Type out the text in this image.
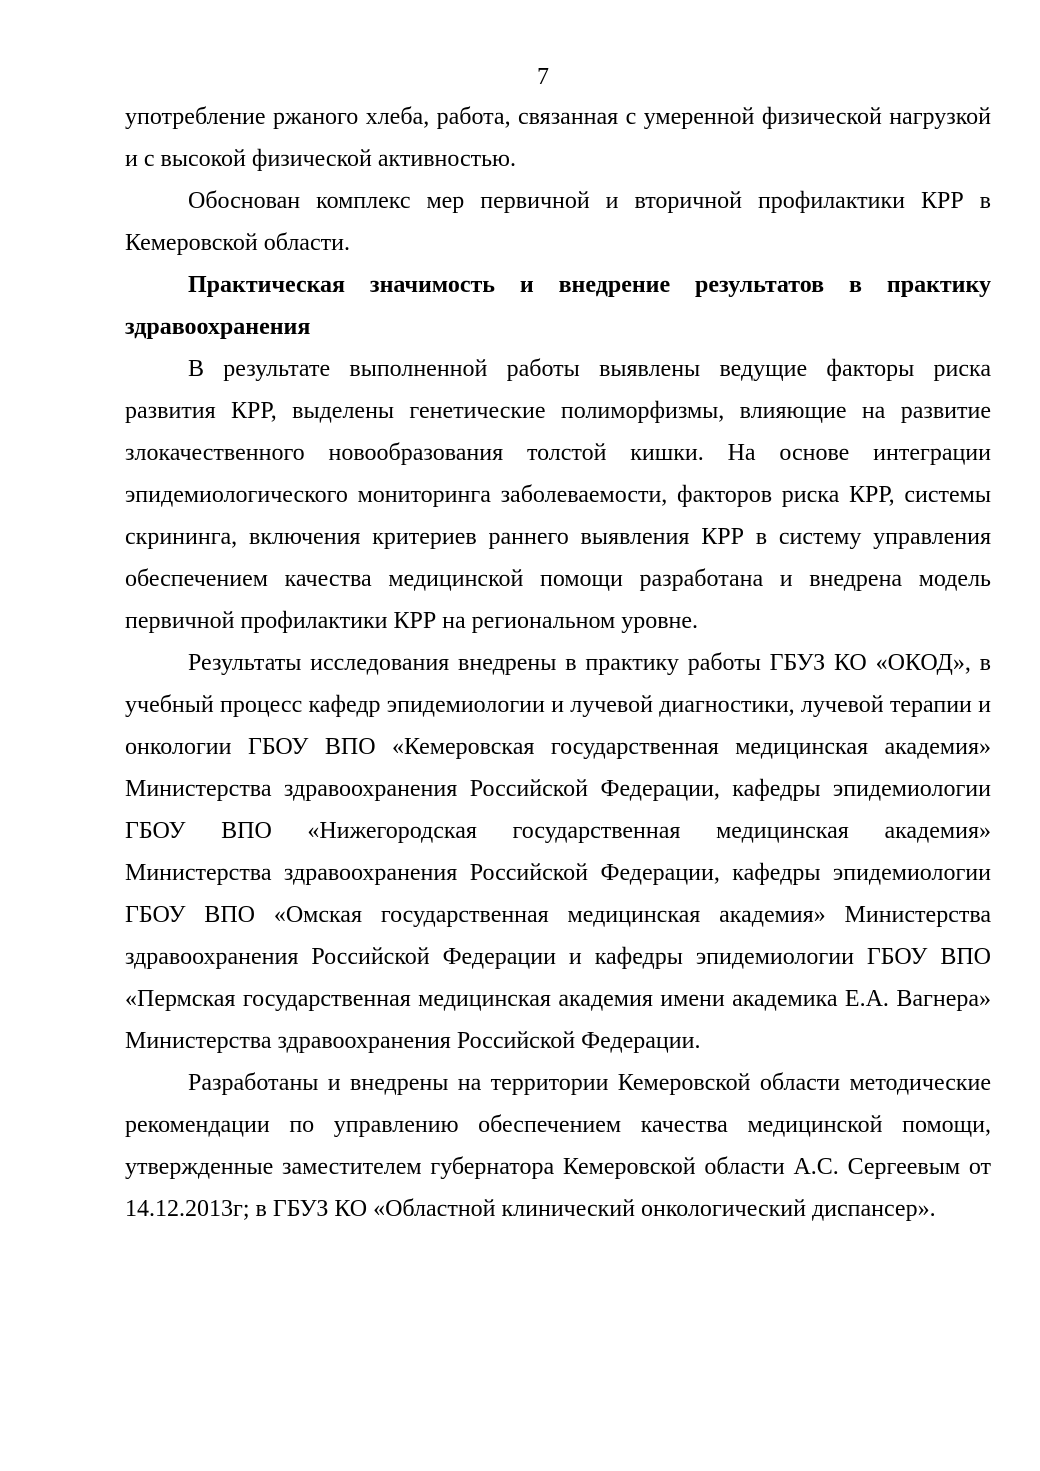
7

употребление ржаного хлеба, работа, связанная с умеренной физической нагрузкой и с высокой физической активностью.

Обоснован комплекс мер первичной и вторичной профилактики КРР в Кемеровской области.

Практическая значимость и внедрение результатов в практику здравоохранения

В результате выполненной работы выявлены ведущие факторы риска развития КРР, выделены генетические полиморфизмы, влияющие на развитие злокачественного новообразования толстой кишки. На основе интеграции эпидемиологического мониторинга заболеваемости, факторов риска КРР, системы скрининга, включения критериев раннего выявления КРР в систему управления обеспечением качества медицинской помощи разработана и внедрена модель первичной профилактики КРР на региональном уровне.

Результаты исследования внедрены в практику работы ГБУЗ КО «ОКОД», в учебный процесс кафедр эпидемиологии и лучевой диагностики, лучевой терапии и онкологии ГБОУ ВПО «Кемеровская государственная медицинская академия» Министерства здравоохранения Российской Федерации, кафедры эпидемиологии ГБОУ ВПО «Нижегородская государственная медицинская академия» Министерства здравоохранения Российской Федерации, кафедры эпидемиологии ГБОУ ВПО «Омская государственная медицинская академия» Министерства здравоохранения Российской Федерации и кафедры эпидемиологии ГБОУ ВПО «Пермская государственная медицинская академия имени академика Е.А. Вагнера» Министерства здравоохранения Российской Федерации.

Разработаны и внедрены на территории Кемеровской области методические рекомендации по управлению обеспечением качества медицинской помощи, утвержденные заместителем губернатора Кемеровской области А.С. Сергеевым от 14.12.2013г; в ГБУЗ КО «Областной клинический онкологический диспансер».
